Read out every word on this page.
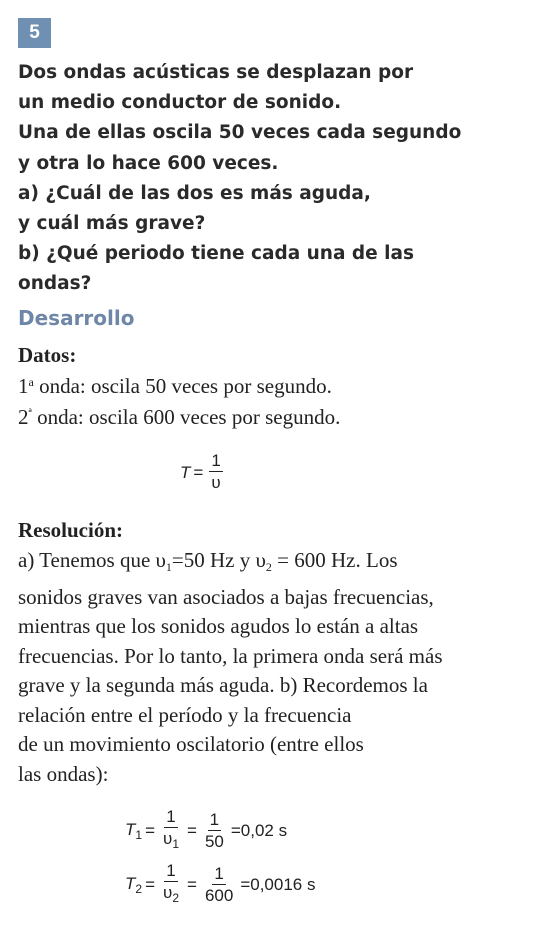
5
Dos ondas acústicas se desplazan por
un medio conductor de sonido.
Una de ellas oscila 50 veces cada segundo
y otra lo hace 600 veces.
a) ¿Cuál de las dos es más aguda,
y cuál más grave?
b) ¿Qué periodo tiene cada una de las
ondas?
Desarrollo
Datos:
1$^a$ onda: oscila 50 veces por segundo.
$2^ª$ onda: oscila 600 veces por segundo.
$T = \frac{1}{\upsilon}$
Resolución:
a) Tenemos que $\upsilon_1=50$ Hz y $\upsilon_2 = 600$ Hz. Los
sonidos graves van asociados a bajas frecuencias,
mientras que los sonidos agudos lo están a altas
frecuencias. Por lo tanto, la primera onda será más
grave y la segunda más aguda. b) Recordemos la
relación entre el período y la frecuencia
de un movimiento oscilatorio (entre ellos
las ondas):
$T_1 = \frac{1}{\upsilon_1} = \frac{1}{50} =0,02$ s
$T_2 = \frac{1}{\upsilon_2} = \frac{1}{600} =0,0016$ s
